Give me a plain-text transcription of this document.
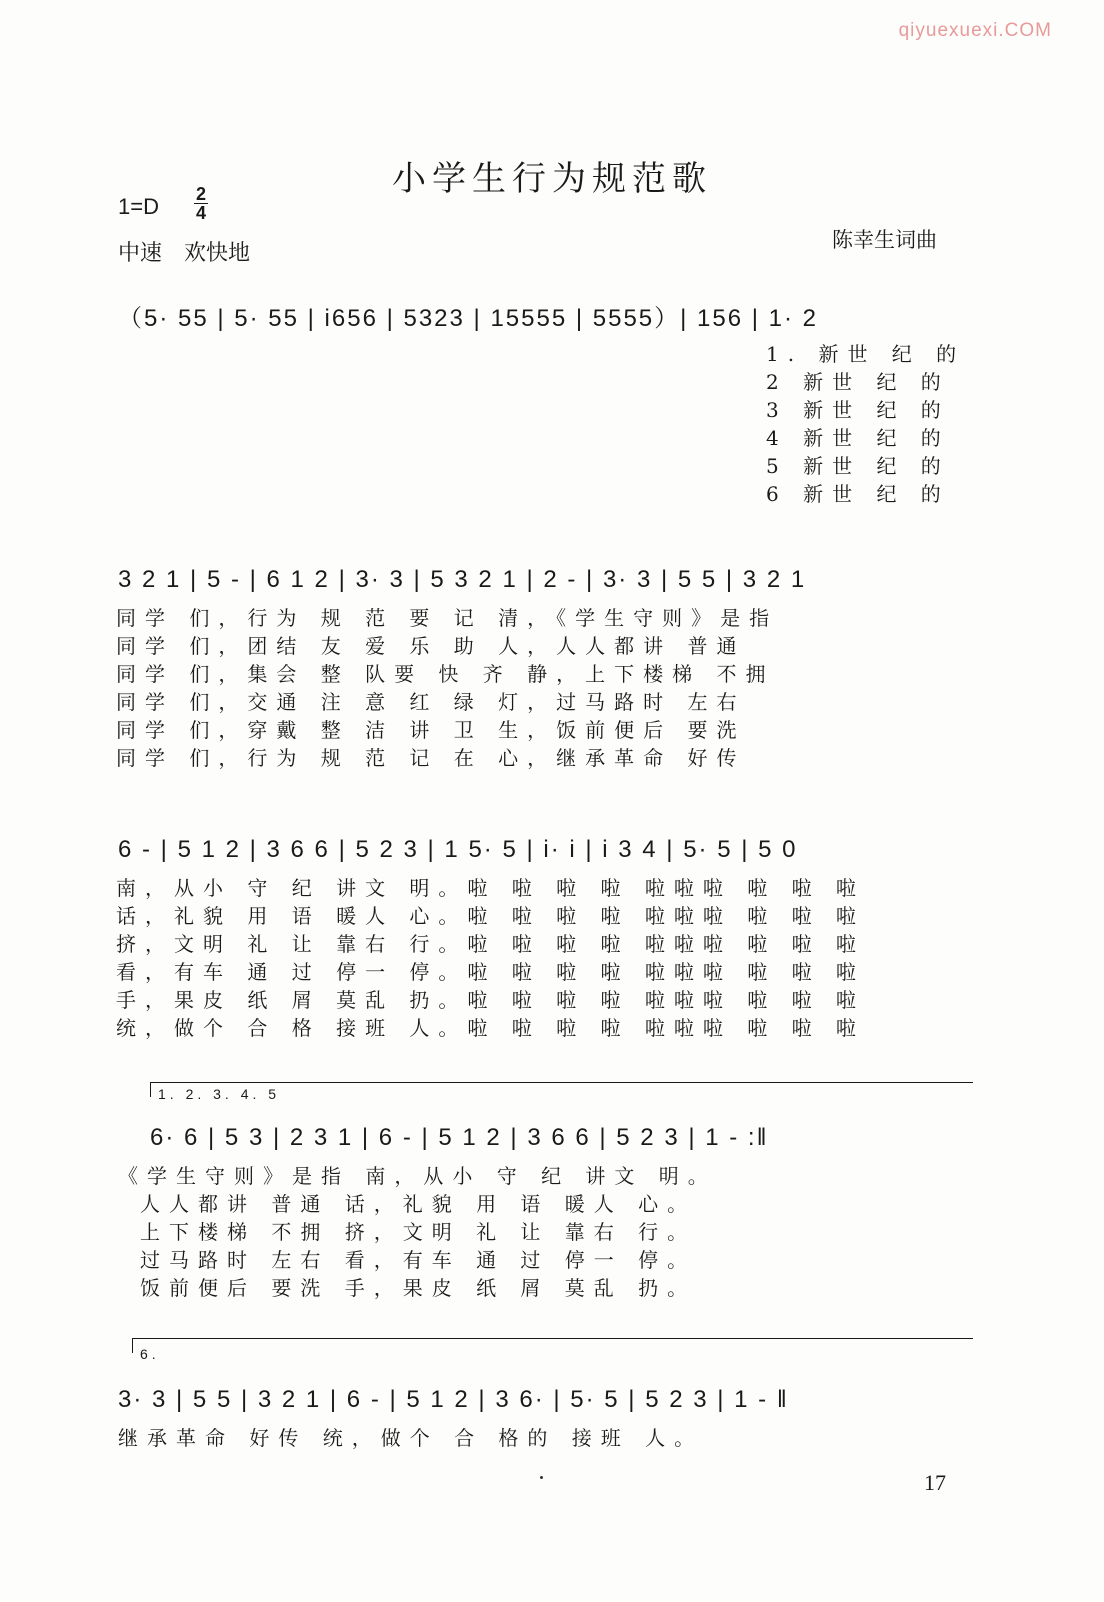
qiyuexuexi.COM
小学生行为规范歌
1=D 2
4
中速　欢快地
陈幸生词曲
（5· 55 | 5· 55 | i656 | 5323 | 15555 | 5555）| 156 | 1· 2
1. 新世 纪 的
2 新世 纪 的
3 新世 纪 的
4 新世 纪 的
5 新世 纪 的
6 新世 纪 的
3 2 1 | 5 - | 6 1 2 | 3· 3 | 5 3 2 1 | 2 - | 3· 3 | 5 5 | 3 2 1
同学 们，行为 规 范 要 记 清，《学生守则》是指
同学 们，团结 友 爱 乐 助 人，人人都讲 普通
同学 们，集会 整 队要 快 齐 静，上下楼梯 不拥
同学 们，交通 注 意 红 绿 灯，过马路时 左右
同学 们，穿戴 整 洁 讲 卫 生，饭前便后 要洗
同学 们，行为 规 范 记 在 心，继承革命 好传
6 - | 5 1 2 | 3 6 6 | 5 2 3 | 1 5· 5 | i· i | i 3 4 | 5· 5 | 5 0
南，从小 守 纪 讲文 明。啦 啦 啦 啦 啦啦啦 啦 啦 啦
话，礼貌 用 语 暖人 心。啦 啦 啦 啦 啦啦啦 啦 啦 啦
挤，文明 礼 让 靠右 行。啦 啦 啦 啦 啦啦啦 啦 啦 啦
看，有车 通 过 停一 停。啦 啦 啦 啦 啦啦啦 啦 啦 啦
手，果皮 纸 屑 莫乱 扔。啦 啦 啦 啦 啦啦啦 啦 啦 啦
统，做个 合 格 接班 人。啦 啦 啦 啦 啦啦啦 啦 啦 啦
1. 2. 3. 4. 5
6· 6 | 5 3 | 2 3 1 | 6 - | 5 1 2 | 3 6 6 | 5 2 3 | 1 - :‖
《学生守则》是指 南，从小 守 纪 讲文 明。
人人都讲 普通 话，礼貌 用 语 暖人 心。
上下楼梯 不拥 挤，文明 礼 让 靠右 行。
过马路时 左右 看，有车 通 过 停一 停。
饭前便后 要洗 手，果皮 纸 屑 莫乱 扔。
6.
3· 3 | 5 5 | 3 2 1 | 6 - | 5 1 2 | 3 6· | 5· 5 | 5 2 3 | 1 - ‖
继承革命 好传 统，做个 合 格的 接班 人。
17
